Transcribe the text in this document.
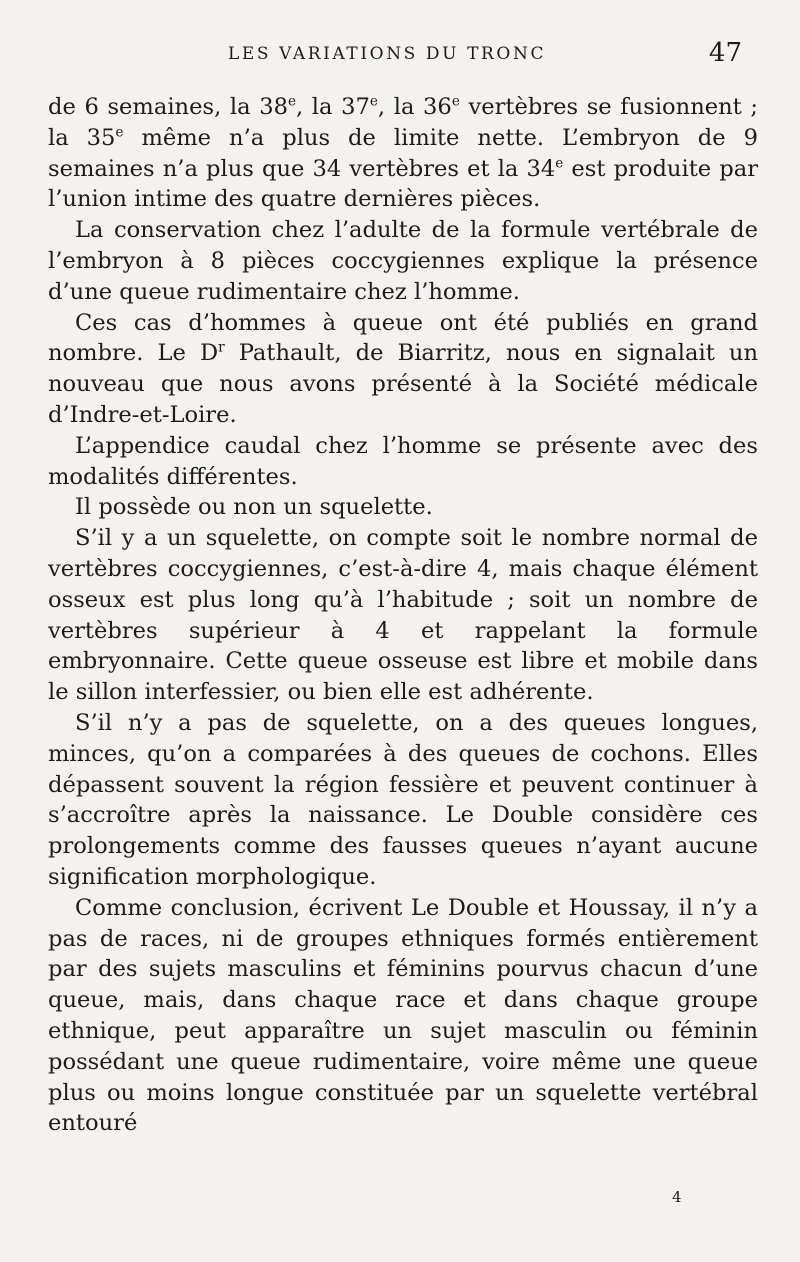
LES VARIATIONS DU TRONC	47

de 6 semaines, la 38e, la 37e, la 36e vertèbres se fusionnent ; la 35e même n’a plus de limite nette. L’embryon de 9 semaines n’a plus que 34 vertèbres et la 34e est produite par l’union intime des quatre dernières pièces.

La conservation chez l’adulte de la formule vertébrale de l’embryon à 8 pièces coccygiennes explique la présence d’une queue rudimentaire chez l’homme.

Ces cas d’hommes à queue ont été publiés en grand nombre. Le $D^r$ Pathault, de Biarritz, nous en signalait un nouveau que nous avons présenté à la Société médicale d’Indre-et-Loire.

L’appendice caudal chez l’homme se présente avec des modalités différentes.

Il possède ou non un squelette.

S’il y a un squelette, on compte soit le nombre normal de vertèbres coccygiennes, c’est-à-dire 4, mais chaque élément osseux est plus long qu’à l’habitude ; soit un nombre de vertèbres supérieur à 4 et rappelant la formule embryonnaire. Cette queue osseuse est libre et mobile dans le sillon interfessier, ou bien elle est adhérente.

S’il n’y a pas de squelette, on a des queues longues, minces, qu’on a comparées à des queues de cochons. Elles dépassent souvent la région fessière et peuvent continuer à s’accroître après la naissance. Le Double considère ces prolongements comme des fausses queues n’ayant aucune signification morphologique.

Comme conclusion, écrivent Le Double et Houssay, il n’y a pas de races, ni de groupes ethniques formés entièrement par des sujets masculins et féminins pourvus chacun d’une queue, mais, dans chaque race et dans chaque groupe ethnique, peut apparaître un sujet masculin ou féminin possédant une queue rudimentaire, voire même une queue plus ou moins longue constituée par un squelette vertébral entouré

4
